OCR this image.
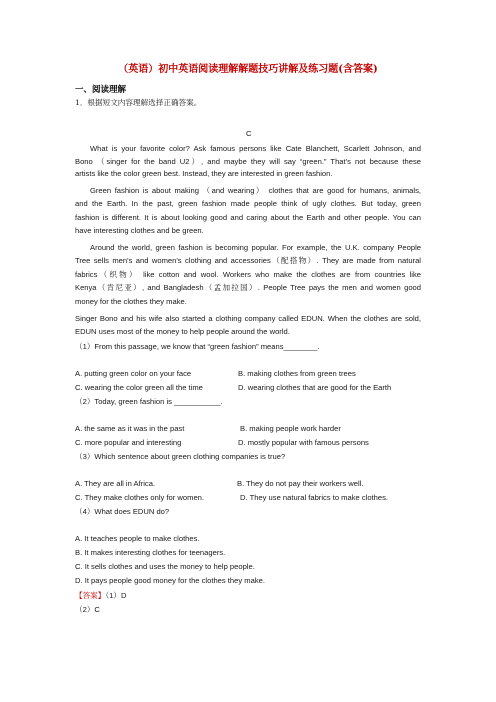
（英语）初中英语阅读理解解题技巧讲解及练习题(含答案)
一、阅读理解
1．根据短文内容理解选择正确答案。
C
What is your favorite color? Ask famous persons like Cate Blanchett, Scarlett Johnson, and
Bono （singer for the band U2）, and maybe they will say “green.” That's not because these
artists like the color green best. Instead, they are interested in green fashion.
Green fashion is about making （and wearing） clothes that are good for humans, animals,
and the Earth. In the past, green fashion made people think of ugly clothes. But today, green
fashion is different. It is about looking good and caring about the Earth and other people. You can
have interesting clothes and be green.
Around the world, green fashion is becoming popular. For example, the U.K. company People
Tree sells men's and women's clothing and accessories（配搭物）. They are made from natural
fabrics（织物） like cotton and wool. Workers who make the clothes are from countries like
Kenya（肯尼亚）, and Bangladesh（孟加拉国）. People Tree pays the men and women good
money for the clothes they make.
Singer Bono and his wife also started a clothing company called EDUN. When the clothes are sold,
EDUN uses most of the money to help people around the world.
（1）From this passage, we know that “green fashion” means________.
A. putting green color on your face	B. making clothes from green trees
C. wearing the color green all the time	D. wearing clothes that are good for the Earth
（2）Today, green fashion is ___________.
A. the same as it was in the past	B. making people work harder
C. more popular and interesting	D. mostly popular with famous persons
（3）Which sentence about green clothing companies is true?
A. They are all in Africa.	B. They do not pay their workers well.
C. They make clothes only for women.	D. They use natural fabrics to make clothes.
（4）What does EDUN do?
A. It teaches people to make clothes.
B. It makes interesting clothes for teenagers.
C. It sells clothes and uses the money to help people.
D. It pays people good money for the clothes they make.
【答案】（1）D
（2）C
